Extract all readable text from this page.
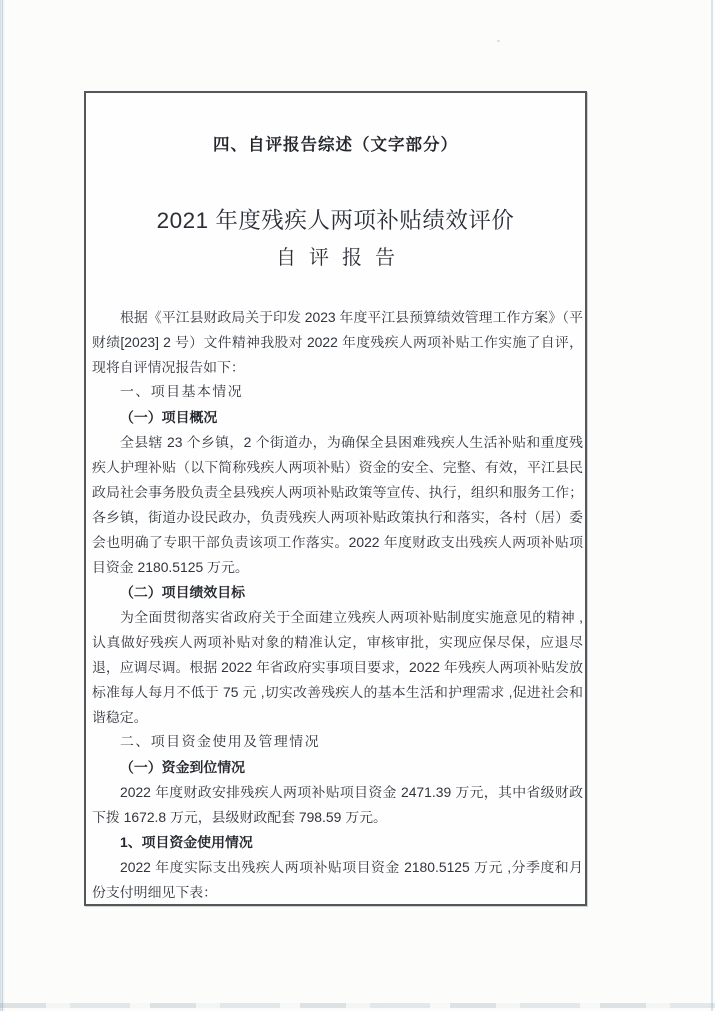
四、自评报告综述（文字部分）

2021 年度残疾人两项补贴绩效评价

自评报告

根据《平江县财政局关于印发 2023 年度平江县预算绩效管理工作方案》（平财绩[2023] 2 号）文件精神我股对 2022 年度残疾人两项补贴工作实施了自评，现将自评情况报告如下：

一、项目基本情况

（一）项目概况

全县辖 23 个乡镇，2 个街道办，为确保全县困难残疾人生活补贴和重度残疾人护理补贴（以下简称残疾人两项补贴）资金的安全、完整、有效，平江县民政局社会事务股负责全县残疾人两项补贴政策等宣传、执行，组织和服务工作；各乡镇，街道办设民政办，负责残疾人两项补贴政策执行和落实，各村（居）委会也明确了专职干部负责该项工作落实。2022 年度财政支出残疾人两项补贴项目资金 2180.5125 万元。

（二）项目绩效目标

为全面贯彻落实省政府关于全面建立残疾人两项补贴制度实施意见的精神 ,认真做好残疾人两项补贴对象的精准认定，审核审批，实现应保尽保，应退尽退，应调尽调。根据 2022 年省政府实事项目要求，2022 年残疾人两项补贴发放标准每人每月不低于 75 元 ,切实改善残疾人的基本生活和护理需求 ,促进社会和谐稳定。

二、项目资金使用及管理情况

（一）资金到位情况

2022 年度财政安排残疾人两项补贴项目资金 2471.39 万元，其中省级财政下拨 1672.8 万元，县级财政配套 798.59 万元。

1、项目资金使用情况

2022 年度实际支出残疾人两项补贴项目资金 2180.5125 万元 ,分季度和月份支付明细见下表：
